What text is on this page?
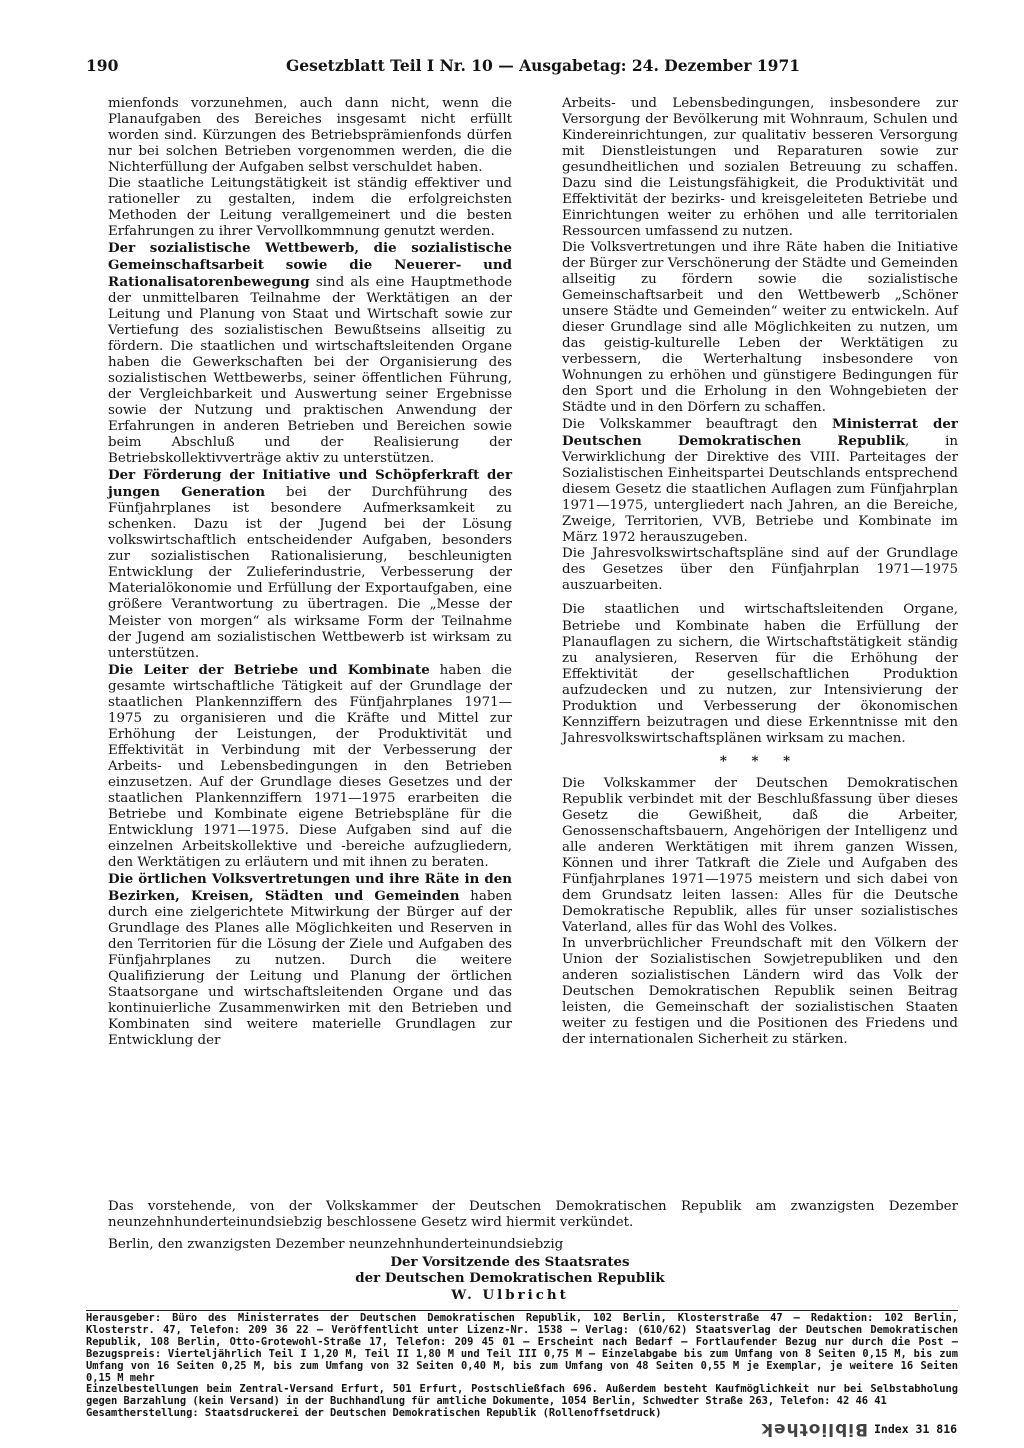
190	Gesetzblatt Teil I Nr. 10 — Ausgabetag: 24. Dezember 1971

mienfonds vorzunehmen, auch dann nicht, wenn die Planaufgaben des Bereiches insgesamt nicht erfüllt worden sind. Kürzungen des Betriebsprämienfonds dürfen nur bei solchen Betrieben vorgenommen werden, die die Nichterfüllung der Aufgaben selbst verschuldet haben.

Die staatliche Leitungstätigkeit ist ständig effektiver und rationeller zu gestalten, indem die erfolgreichsten Methoden der Leitung verallgemeinert und die besten Erfahrungen zu ihrer Vervollkommnung genutzt werden.

Der sozialistische Wettbewerb, die sozialistische Gemeinschaftsarbeit sowie die Neuerer- und Rationalisatorenbewegung sind als eine Hauptmethode der unmittelbaren Teilnahme der Werktätigen an der Leitung und Planung von Staat und Wirtschaft sowie zur Vertiefung des sozialistischen Bewußtseins allseitig zu fördern. Die staatlichen und wirtschaftsleitenden Organe haben die Gewerkschaften bei der Organisierung des sozialistischen Wettbewerbs, seiner öffentlichen Führung, der Vergleichbarkeit und Auswertung seiner Ergebnisse sowie der Nutzung und praktischen Anwendung der Erfahrungen in anderen Betrieben und Bereichen sowie beim Abschluß und der Realisierung der Betriebskollektivverträge aktiv zu unterstützen.

Der Förderung der Initiative und Schöpferkraft der jungen Generation bei der Durchführung des Fünfjahrplanes ist besondere Aufmerksamkeit zu schenken. Dazu ist der Jugend bei der Lösung volkswirtschaftlich entscheidender Aufgaben, besonders zur sozialistischen Rationalisierung, beschleunigten Entwicklung der Zulieferindustrie, Verbesserung der Materialökonomie und Erfüllung der Exportaufgaben, eine größere Verantwortung zu übertragen. Die „Messe der Meister von morgen“ als wirksame Form der Teilnahme der Jugend am sozialistischen Wettbewerb ist wirksam zu unterstützen.

Die Leiter der Betriebe und Kombinate haben die gesamte wirtschaftliche Tätigkeit auf der Grundlage der staatlichen Plankennziffern des Fünfjahrplanes 1971—1975 zu organisieren und die Kräfte und Mittel zur Erhöhung der Leistungen, der Produktivität und Effektivität in Verbindung mit der Verbesserung der Arbeits- und Lebensbedingungen in den Betrieben einzusetzen. Auf der Grundlage dieses Gesetzes und der staatlichen Plankennziffern 1971—1975 erarbeiten die Betriebe und Kombinate eigene Betriebspläne für die Entwicklung 1971—1975. Diese Aufgaben sind auf die einzelnen Arbeitskollektive und -bereiche aufzugliedern, den Werktätigen zu erläutern und mit ihnen zu beraten.

Die örtlichen Volksvertretungen und ihre Räte in den Bezirken, Kreisen, Städten und Gemeinden haben durch eine zielgerichtete Mitwirkung der Bürger auf der Grundlage des Planes alle Möglichkeiten und Reserven in den Territorien für die Lösung der Ziele und Aufgaben des Fünfjahrplanes zu nutzen. Durch die weitere Qualifizierung der Leitung und Planung der örtlichen Staatsorgane und wirtschaftsleitenden Organe und das kontinuierliche Zusammenwirken mit den Betrieben und Kombinaten sind weitere materielle Grundlagen zur Entwicklung der

Arbeits- und Lebensbedingungen, insbesondere zur Versorgung der Bevölkerung mit Wohnraum, Schulen und Kindereinrichtungen, zur qualitativ besseren Versorgung mit Dienstleistungen und Reparaturen sowie zur gesundheitlichen und sozialen Betreuung zu schaffen. Dazu sind die Leistungsfähigkeit, die Produktivität und Effektivität der bezirks- und kreisgeleiteten Betriebe und Einrichtungen weiter zu erhöhen und alle territorialen Ressourcen umfassend zu nutzen.

Die Volksvertretungen und ihre Räte haben die Initiative der Bürger zur Verschönerung der Städte und Gemeinden allseitig zu fördern sowie die sozialistische Gemeinschaftsarbeit und den Wettbewerb „Schöner unsere Städte und Gemeinden“ weiter zu entwickeln. Auf dieser Grundlage sind alle Möglichkeiten zu nutzen, um das geistig-kulturelle Leben der Werktätigen zu verbessern, die Werterhaltung insbesondere von Wohnungen zu erhöhen und günstigere Bedingungen für den Sport und die Erholung in den Wohngebieten der Städte und in den Dörfern zu schaffen.

Die Volkskammer beauftragt den Ministerrat der Deutschen Demokratischen Republik, in Verwirklichung der Direktive des VIII. Parteitages der Sozialistischen Einheitspartei Deutschlands entsprechend diesem Gesetz die staatlichen Auflagen zum Fünfjahrplan 1971—1975, untergliedert nach Jahren, an die Bereiche, Zweige, Territorien, VVB, Betriebe und Kombinate im März 1972 herauszugeben.

Die Jahresvolkswirtschaftspläne sind auf der Grundlage des Gesetzes über den Fünfjahrplan 1971—1975 auszuarbeiten.

Die staatlichen und wirtschaftsleitenden Organe, Betriebe und Kombinate haben die Erfüllung der Planauflagen zu sichern, die Wirtschaftstätigkeit ständig zu analysieren, Reserven für die Erhöhung der Effektivität der gesellschaftlichen Produktion aufzudecken und zu nutzen, zur Intensivierung der Produktion und Verbesserung der ökonomischen Kennziffern beizutragen und diese Erkenntnisse mit den Jahresvolkswirtschaftsplänen wirksam zu machen.

* * *

Die Volkskammer der Deutschen Demokratischen Republik verbindet mit der Beschlußfassung über dieses Gesetz die Gewißheit, daß die Arbeiter, Genossenschaftsbauern, Angehörigen der Intelligenz und alle anderen Werktätigen mit ihrem ganzen Wissen, Können und ihrer Tatkraft die Ziele und Aufgaben des Fünfjahrplanes 1971—1975 meistern und sich dabei von dem Grundsatz leiten lassen: Alles für die Deutsche Demokratische Republik, alles für unser sozialistisches Vaterland, alles für das Wohl des Volkes.

In unverbrüchlicher Freundschaft mit den Völkern der Union der Sozialistischen Sowjetrepubliken und den anderen sozialistischen Ländern wird das Volk der Deutschen Demokratischen Republik seinen Beitrag leisten, die Gemeinschaft der sozialistischen Staaten weiter zu festigen und die Positionen des Friedens und der internationalen Sicherheit zu stärken.

Das vorstehende, von der Volkskammer der Deutschen Demokratischen Republik am zwanzigsten Dezember neunzehnhunderteinundsiebzig beschlossene Gesetz wird hiermit verkündet.

Berlin, den zwanzigsten Dezember neunzehnhunderteinundsiebzig

Der Vorsitzende des Staatsrates
der Deutschen Demokratischen Republik
W. Ulbricht

Herausgeber: Büro des Ministerrates der Deutschen Demokratischen Republik, 102 Berlin, Klosterstraße 47 — Redaktion: 102 Berlin, Klosterstr. 47, Telefon: 209 36 22 — Veröffentlicht unter Lizenz-Nr. 1538 — Verlag: (610/62) Staatsverlag der Deutschen Demokratischen Republik, 108 Berlin, Otto-Grotewohl-Straße 17, Telefon: 209 45 01 — Erscheint nach Bedarf — Fortlaufender Bezug nur durch die Post — Bezugspreis: Vierteljährlich Teil I 1,20 M, Teil II 1,80 M und Teil III 0,75 M — Einzelabgabe bis zum Umfang von 8 Seiten 0,15 M, bis zum Umfang von 16 Seiten 0,25 M, bis zum Umfang von 32 Seiten 0,40 M, bis zum Umfang von 48 Seiten 0,55 M je Exemplar, je weitere 16 Seiten 0,15 M mehr

Einzelbestellungen beim Zentral-Versand Erfurt, 501 Erfurt, Postschließfach 696. Außerdem besteht Kaufmöglichkeit nur bei Selbstabholung gegen Barzahlung (kein Versand) in der Buchhandlung für amtliche Dokumente, 1054 Berlin, Schwedter Straße 263, Telefon: 42 46 41

Gesamtherstellung: Staatsdruckerei der Deutschen Demokratischen Republik (Rollenoffsetdruck)

Bibliothek Index 31 816
